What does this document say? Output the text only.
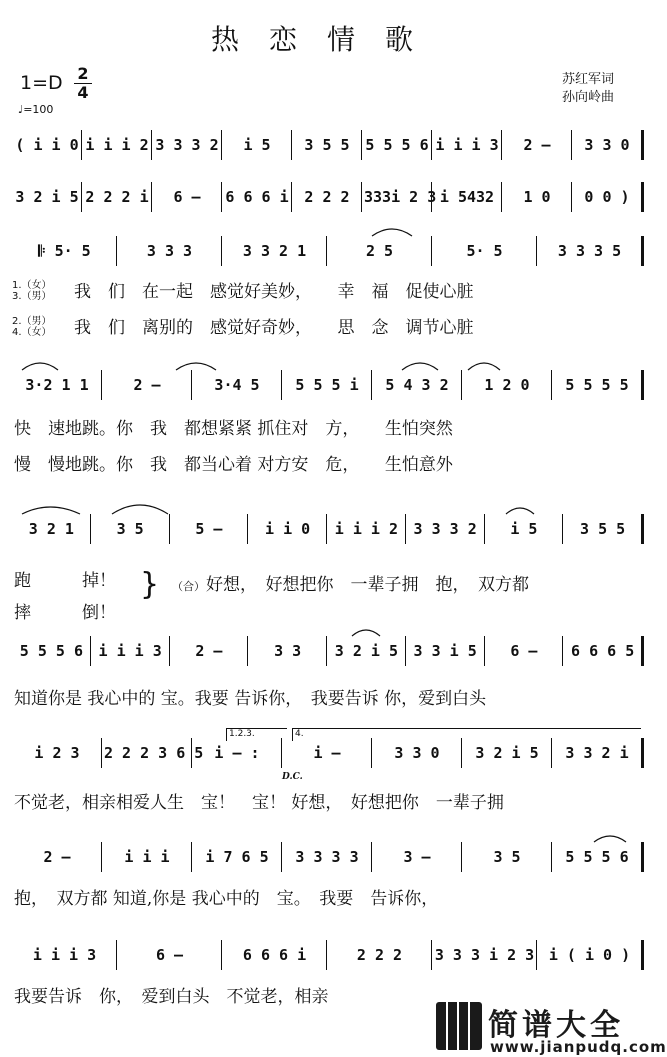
热恋情歌
1=D 2
4
♩=100
苏红军词
孙向岭曲
( i i 0 i i i 2 3 3 3 2	i 5	3 5 5	5 5 5 6 i i i 3	2 –	3 3 0
3 2 i 5 2 2 2 i	6 –	6 6 6 i	2 2 2 333i 2 3 i 5432	1 0	0 0 )
𝄆 5· 5	3 3 3	3 3 2 1	2 5	5· 5	3 3 3 5
3·2 1 1	2 –	3·4 5	5 5 5 i	5 4 3 2	1 2 0	5 5 5 5
3 2 1	3 5	5 –	i i 0	i i i 2	3 3 3 2	i 5	3 5 5
5 5 5 6	i i i 3	2 –	3 3	3 2 i 5	3 3 i 5	6 –	6 6 6 5
i 2 3	2 2 2 3 6 5 i – :	i –	3 3 0	3 2 i 5	3 3 2 i
2 –	i i i	i 7 6 5	3 3 3 3	3 –	3 5	5 5 5 6
i i i 3	6 –	6 6 6 i	2 2 2	3 3 3 i 2 3 i ( i 0 )
1.（女）
3.（男） 我　们　在一起　感觉好美妙，　　幸　福　促使心脏
2.（男）
4.（女） 我　们　离别的　感觉好奇妙，　　思　念　调节心脏
快　速地跳。你　我　都想紧紧 抓住对　方，　　生怕突然
慢　慢地跳。你　我　都当心着 对方安　危，　　生怕意外
跑　　　掉！
摔　　　倒！
知道你是 我心中的 宝。我要 告诉你，　我要告诉 你，爱到白头
不觉老，相亲相爱人生　宝！　宝！ 好想，　好想把你　一辈子拥
抱，　双方都 知道,你是 我心中的　宝。　我要　告诉你，
我要告诉　你，　爱到白头　不觉老，相亲
} （合） 好想，　好想把你　一辈子拥　抱，　双方都
1.2.3.	4.
D.C.
简谱大全
www.jianpudq.com
